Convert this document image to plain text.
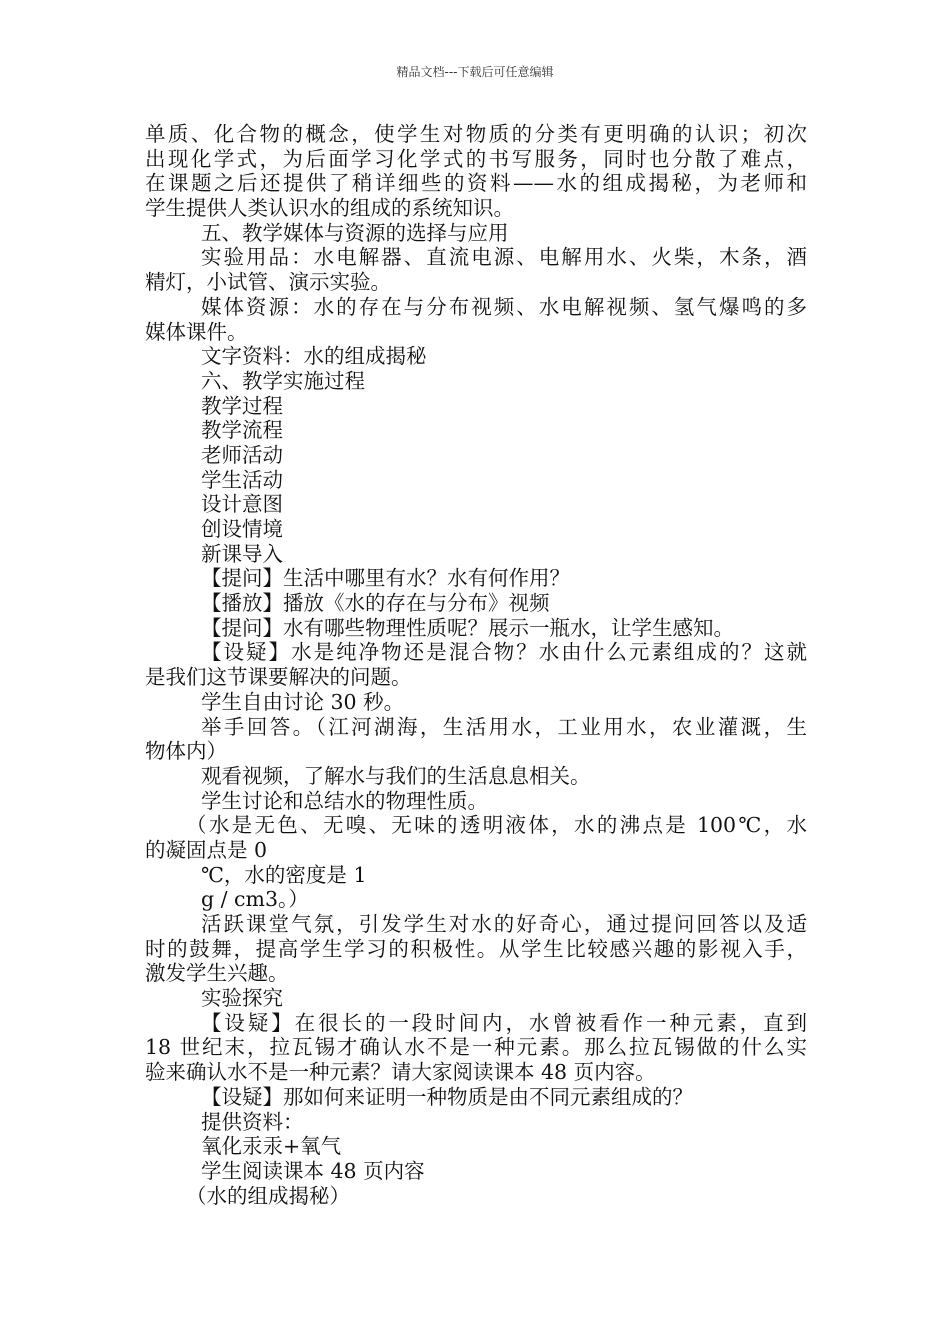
精品文档---下载后可任意编辑
单质、化合物的概念，使学生对物质的分类有更明确的认识；初次
出现化学式，为后面学习化学式的书写服务，同时也分散了难点，
在课题之后还提供了稍详细些的资料——水的组成揭秘，为老师和
学生提供人类认识水的组成的系统知识。
五、教学媒体与资源的选择与应用
实验用品：水电解器、直流电源、电解用水、火柴，木条，酒
精灯，小试管、演示实验。
媒体资源：水的存在与分布视频、水电解视频、氢气爆鸣的多
媒体课件。
文字资料：水的组成揭秘
六、教学实施过程
教学过程
教学流程
老师活动
学生活动
设计意图
创设情境
新课导入
【提问】生活中哪里有水？水有何作用？
【播放】播放《水的存在与分布》视频
【提问】水有哪些物理性质呢？展示一瓶水，让学生感知。
【设疑】水是纯净物还是混合物？水由什么元素组成的？这就
是我们这节课要解决的问题。
学生自由讨论 30 秒。
举手回答。（江河湖海，生活用水，工业用水，农业灌溉，生
物体内）
观看视频，了解水与我们的生活息息相关。
学生讨论和总结水的物理性质。
（水是无色、无嗅、无味的透明液体，水的沸点是 100℃，水
的凝固点是 0
℃，水的密度是 1
g / cm3。）
活跃课堂气氛，引发学生对水的好奇心，通过提问回答以及适
时的鼓舞，提高学生学习的积极性。从学生比较感兴趣的影视入手，
激发学生兴趣。
实验探究
【设疑】在很长的一段时间内，水曾被看作一种元素，直到
18 世纪末，拉瓦锡才确认水不是一种元素。那么拉瓦锡做的什么实
验来确认水不是一种元素？请大家阅读课本 48 页内容。
【设疑】那如何来证明一种物质是由不同元素组成的？
提供资料：
氧化汞汞+氧气
学生阅读课本 48 页内容
（水的组成揭秘）
